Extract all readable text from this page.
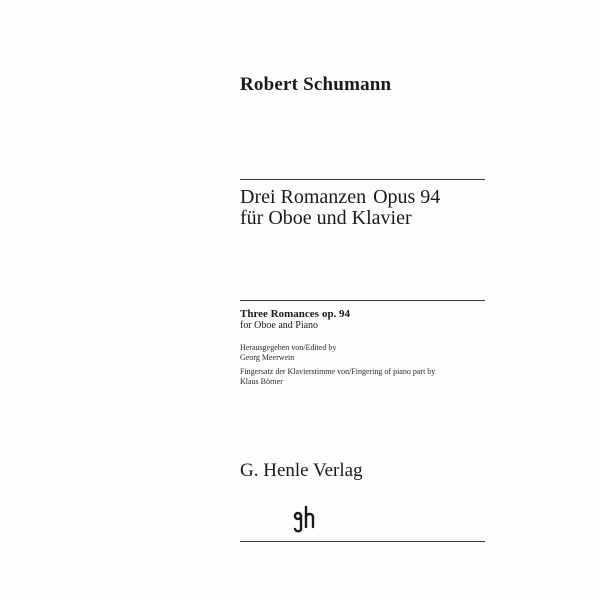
Robert Schumann
Drei Romanzen Opus 94
für Oboe und Klavier
Three Romances op. 94
for Oboe and Piano
Herausgegeben von/Edited by
Georg Meerwein
Fingersatz der Klavierstimme von/Fingering of piano part by
Klaus Börner
G. Henle Verlag
